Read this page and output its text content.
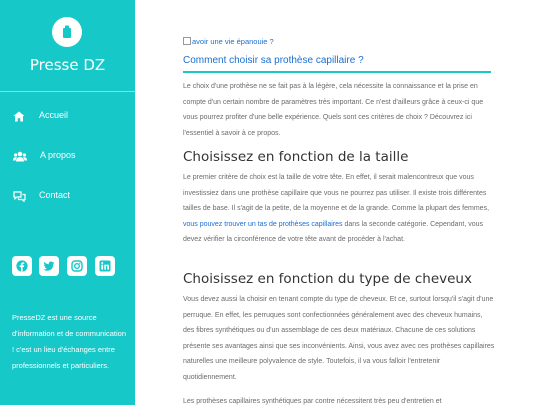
Presse DZ
Accueil
A propos
Contact
PresseDZ est une source d'information et de communication ! c'est un lieu d'échanges entre professionnels et particuliers.
avoir une vie épanouie ?
Comment choisir sa prothèse capillaire ?
Le choix d'une prothèse ne se fait pas à la légère, cela nécessite la connaissance et la prise en compte d'un certain nombre de paramètres très important. Ce n'est d'ailleurs grâce à ceux-ci que vous pourrez profiter d'une belle expérience. Quels sont ces critères de choix ? Découvrez ici l'essentiel à savoir à ce propos.
Choisissez en fonction de la taille
Le premier critère de choix est la taille de votre tête. En effet, il serait malencontreux que vous investissiez dans une prothèse capillaire que vous ne pourrez pas utiliser. Il existe trois différentes tailles de base. Il s'agit de la petite, de la moyenne et de la grande. Comme la plupart des femmes, vous pouvez trouver un tas de prothèses capillaires dans la seconde catégorie. Cependant, vous devez vérifier la circonférence de votre tête avant de procéder à l'achat.
Choisissez en fonction du type de cheveux
Vous devez aussi la choisir en tenant compte du type de cheveux. Et ce, surtout lorsqu'il s'agit d'une perruque. En effet, les perruques sont confectionnées généralement avec des cheveux humains, des fibres synthétiques ou d'un assemblage de ces deux matériaux. Chacune de ces solutions présente ses avantages ainsi que ses inconvénients. Ainsi, vous avez avec ces prothèses capillaires naturelles une meilleure polyvalence de style. Toutefois, il va vous falloir l'entretenir quotidiennement.
Les prothèses capillaires synthétiques par contre nécessitent très peu d'entretien et
